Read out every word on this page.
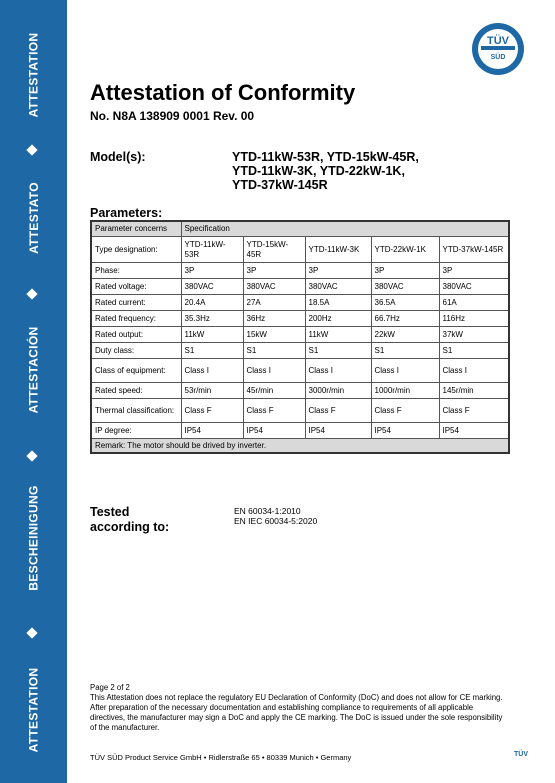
ATTESTATION
ATTESTATO
ATTESTACIÓN
BESCHEINIGUNG
ATTESTATION
TÜV
SÜD
Attestation of Conformity
No. N8A 138909 0001 Rev. 00
Model(s):	YTD-11kW-53R, YTD-15kW-45R,
YTD-11kW-3K, YTD-22kW-1K,
YTD-37kW-145R
Parameters:
Parameter concerns	Specification				
Type designation:	YTD-11kW-53R	YTD-15kW-45R	YTD-11kW-3K	YTD-22kW-1K	YTD-37kW-145R
Phase:	3P	3P	3P	3P	3P
Rated voltage:	380VAC	380VAC	380VAC	380VAC	380VAC
Rated current:	20.4A	27A	18.5A	36.5A	61A
Rated frequency:	35.3Hz	36Hz	200Hz	66.7Hz	116Hz
Rated output:	11kW	15kW	11kW	22kW	37kW
Duty class:	S1	S1	S1	S1	S1
Class of equipment:	Class I	Class I	Class I	Class I	Class I
Rated speed:	53r/min	45r/min	3000r/min	1000r/min	145r/min
Thermal classification:	Class F	Class F	Class F	Class F	Class F
IP degree:	IP54	IP54	IP54	IP54	IP54
Remark: The motor should be drived by inverter.					
Tested
according to:
EN 60034-1:2010
EN IEC 60034-5:2020
Page 2 of 2
This Attestation does not replace the regulatory EU Declaration of Conformity (DoC) and does not allow for CE marking. After preparation of the necessary documentation and establishing compliance to requirements of all applicable directives, the manufacturer may sign a DoC and apply the CE marking. The DoC is issued under the sole responsibility of the manufacturer.
TÜV SÜD Product Service GmbH • Ridlerstraße 65 • 80339 Munich • Germany	TÜV
